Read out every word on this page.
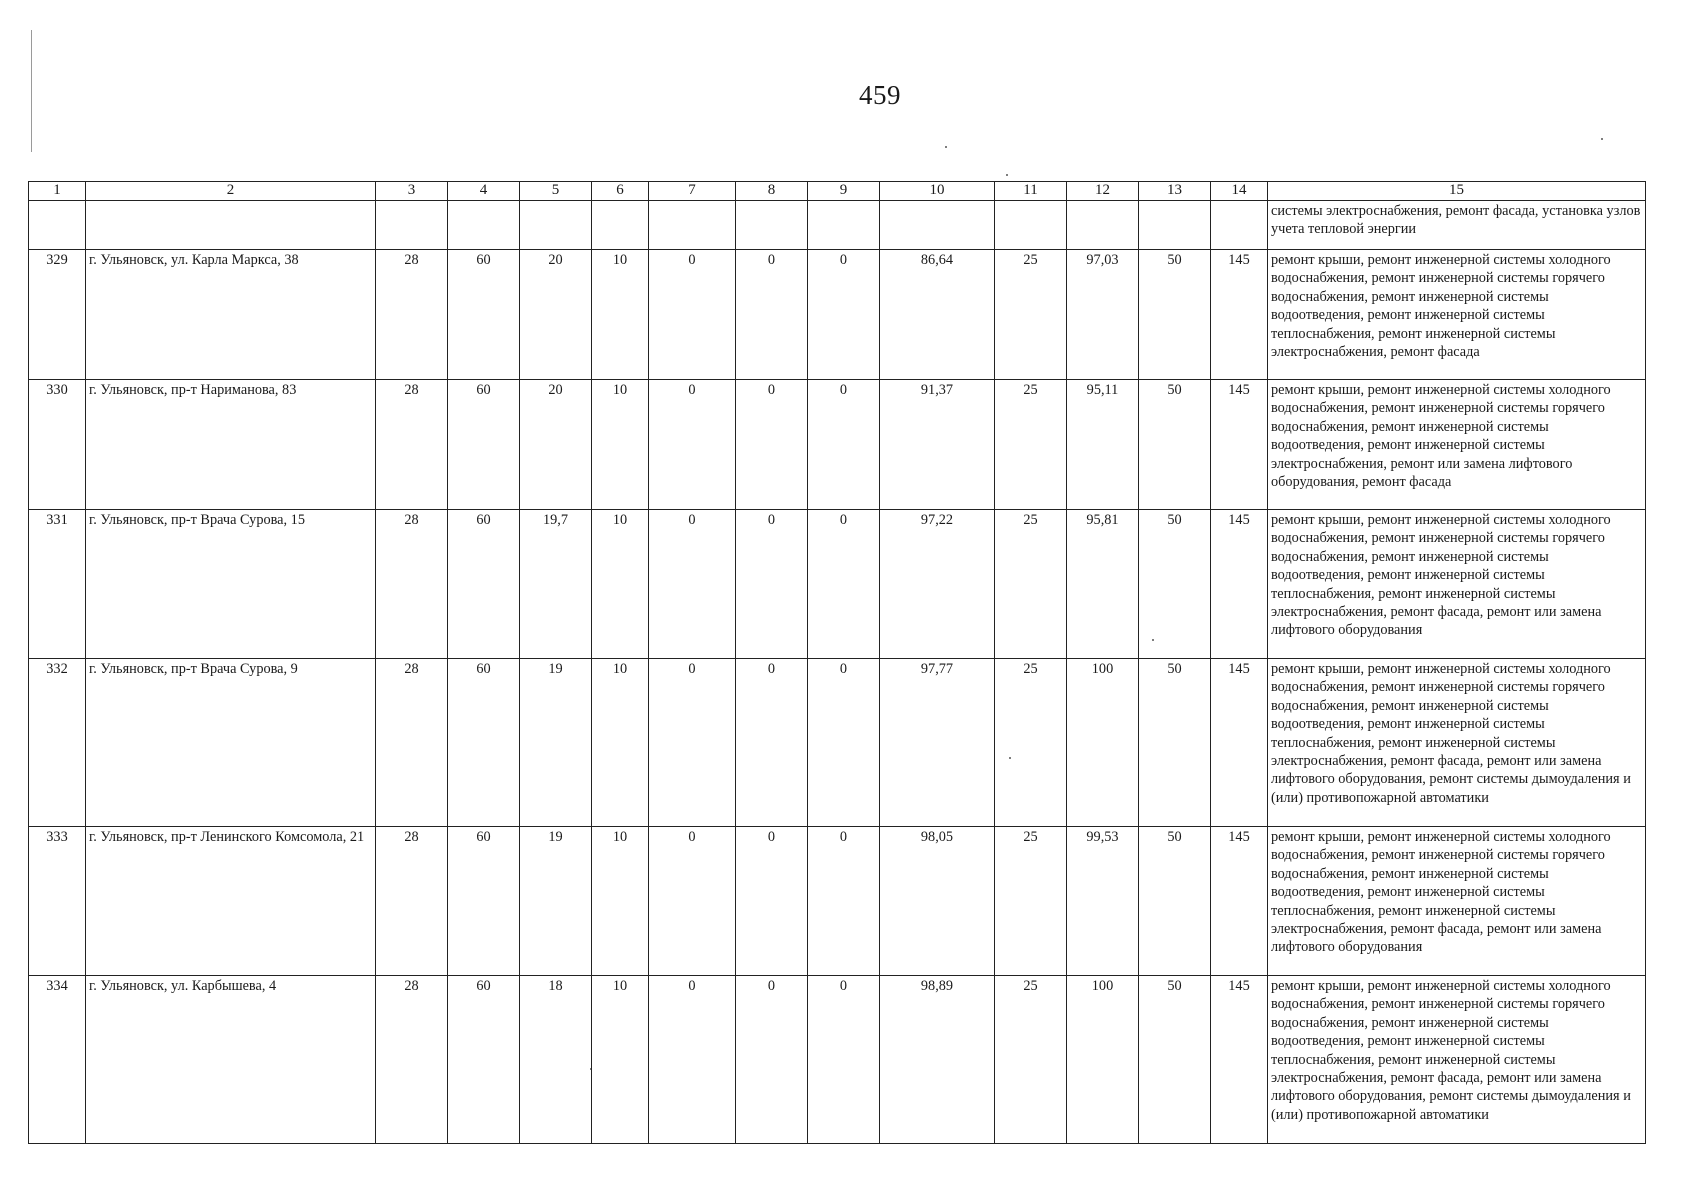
459
1	2	3	4	5	6	7	8	9	10	11	12	13	14	15
														системы электроснабжения, ремонт фасада, установка узлов учета тепловой энергии
329	г. Ульяновск, ул. Карла Маркса, 38	28	60	20	10	0	0	0	86,64	25	97,03	50	145	ремонт крыши, ремонт инженерной системы холодного водоснабжения, ремонт инженерной системы горячего водоснабжения, ремонт инженерной системы водоотведения, ремонт инженерной системы теплоснабжения, ремонт инженерной системы электроснабжения, ремонт фасада
330	г. Ульяновск, пр-т Нариманова, 83	28	60	20	10	0	0	0	91,37	25	95,11	50	145	ремонт крыши, ремонт инженерной системы холодного водоснабжения, ремонт инженерной системы горячего водоснабжения, ремонт инженерной системы водоотведения, ремонт инженерной системы электроснабжения, ремонт или замена лифтового оборудования, ремонт фасада
331	г. Ульяновск, пр-т Врача Сурова, 15	28	60	19,7	10	0	0	0	97,22	25	95,81	50	145	ремонт крыши, ремонт инженерной системы холодного водоснабжения, ремонт инженерной системы горячего водоснабжения, ремонт инженерной системы водоотведения, ремонт инженерной системы теплоснабжения, ремонт инженерной системы электроснабжения, ремонт фасада, ремонт или замена лифтового оборудования
332	г. Ульяновск, пр-т Врача Сурова, 9	28	60	19	10	0	0	0	97,77	25	100	50	145	ремонт крыши, ремонт инженерной системы холодного водоснабжения, ремонт инженерной системы горячего водоснабжения, ремонт инженерной системы водоотведения, ремонт инженерной системы теплоснабжения, ремонт инженерной системы электроснабжения, ремонт фасада, ремонт или замена лифтового оборудования, ремонт системы дымоудаления и (или) противопожарной автоматики
333	г. Ульяновск, пр-т Ленинского Комсомола, 21	28	60	19	10	0	0	0	98,05	25	99,53	50	145	ремонт крыши, ремонт инженерной системы холодного водоснабжения, ремонт инженерной системы горячего водоснабжения, ремонт инженерной системы водоотведения, ремонт инженерной системы теплоснабжения, ремонт инженерной системы электроснабжения, ремонт фасада, ремонт или замена лифтового оборудования
334	г. Ульяновск, ул. Карбышева, 4	28	60	18	10	0	0	0	98,89	25	100	50	145	ремонт крыши, ремонт инженерной системы холодного водоснабжения, ремонт инженерной системы горячего водоснабжения, ремонт инженерной системы водоотведения, ремонт инженерной системы теплоснабжения, ремонт инженерной системы электроснабжения, ремонт фасада, ремонт или замена лифтового оборудования, ремонт системы дымоудаления и (или) противопожарной автоматики
